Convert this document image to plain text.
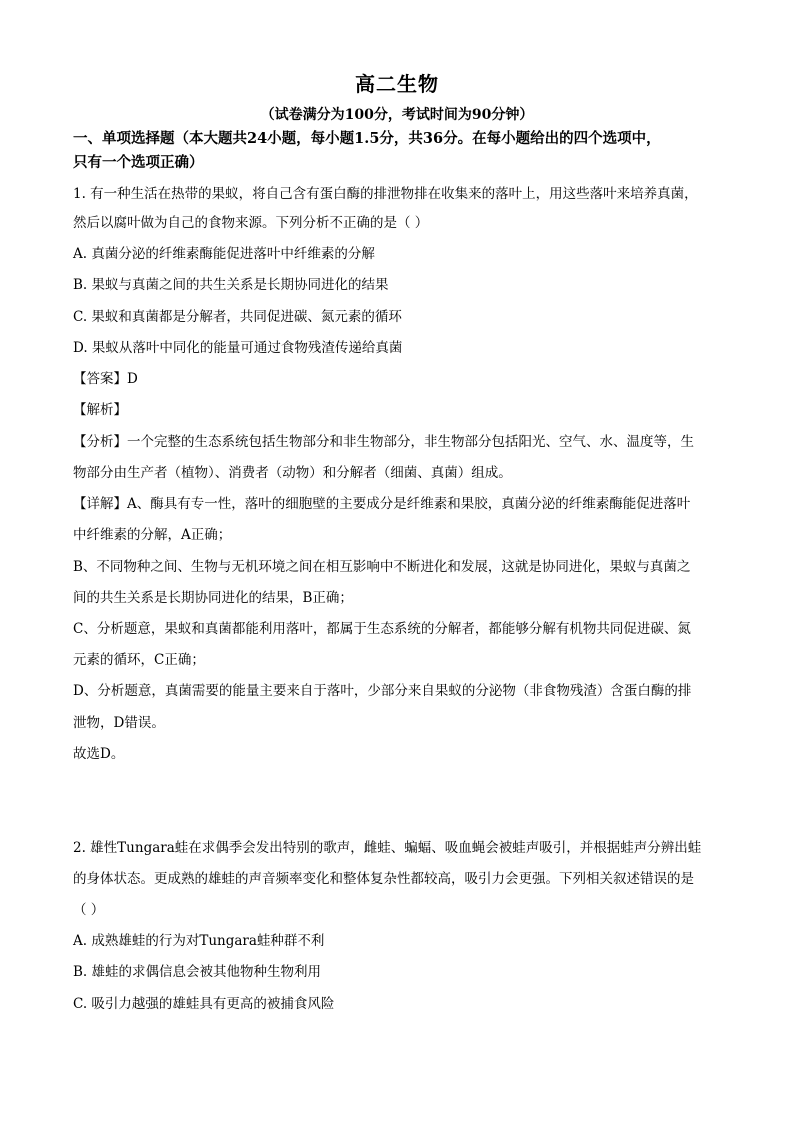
高二生物
（试卷满分为100分，考试时间为90分钟）
一、单项选择题（本大题共24小题，每小题1.5分，共36分。在每小题给出的四个选项中，
只有一个选项正确）
1. 有一种生活在热带的果蚁，将自己含有蛋白酶的排泄物排在收集来的落叶上，用这些落叶来培养真菌，
然后以腐叶做为自己的食物来源。下列分析不正确的是（ ）
A. 真菌分泌的纤维素酶能促进落叶中纤维素的分解
B. 果蚁与真菌之间的共生关系是长期协同进化的结果
C. 果蚁和真菌都是分解者，共同促进碳、氮元素的循环
D. 果蚁从落叶中同化的能量可通过食物残渣传递给真菌
【答案】D
【解析】
【分析】一个完整的生态系统包括生物部分和非生物部分，非生物部分包括阳光、空气、水、温度等，生
物部分由生产者（植物）、消费者（动物）和分解者（细菌、真菌）组成。
【详解】A、酶具有专一性，落叶的细胞壁的主要成分是纤维素和果胶，真菌分泌的纤维素酶能促进落叶
中纤维素的分解，A正确；
B、不同物种之间、生物与无机环境之间在相互影响中不断进化和发展，这就是协同进化，果蚁与真菌之
间的共生关系是长期协同进化的结果，B正确；
C、分析题意，果蚁和真菌都能利用落叶，都属于生态系统的分解者，都能够分解有机物共同促进碳、氮
元素的循环，C正确；
D、分析题意，真菌需要的能量主要来自于落叶，少部分来自果蚁的分泌物（非食物残渣）含蛋白酶的排
泄物，D错误。
故选D。
2. 雄性Tungara蛙在求偶季会发出特别的歌声，雌蛙、蝙蝠、吸血蝇会被蛙声吸引，并根据蛙声分辨出蛙
的身体状态。更成熟的雄蛙的声音频率变化和整体复杂性都较高，吸引力会更强。下列相关叙述错误的是
（ ）
A. 成熟雄蛙的行为对Tungara蛙种群不利
B. 雄蛙的求偶信息会被其他物种生物利用
C. 吸引力越强的雄蛙具有更高的被捕食风险
